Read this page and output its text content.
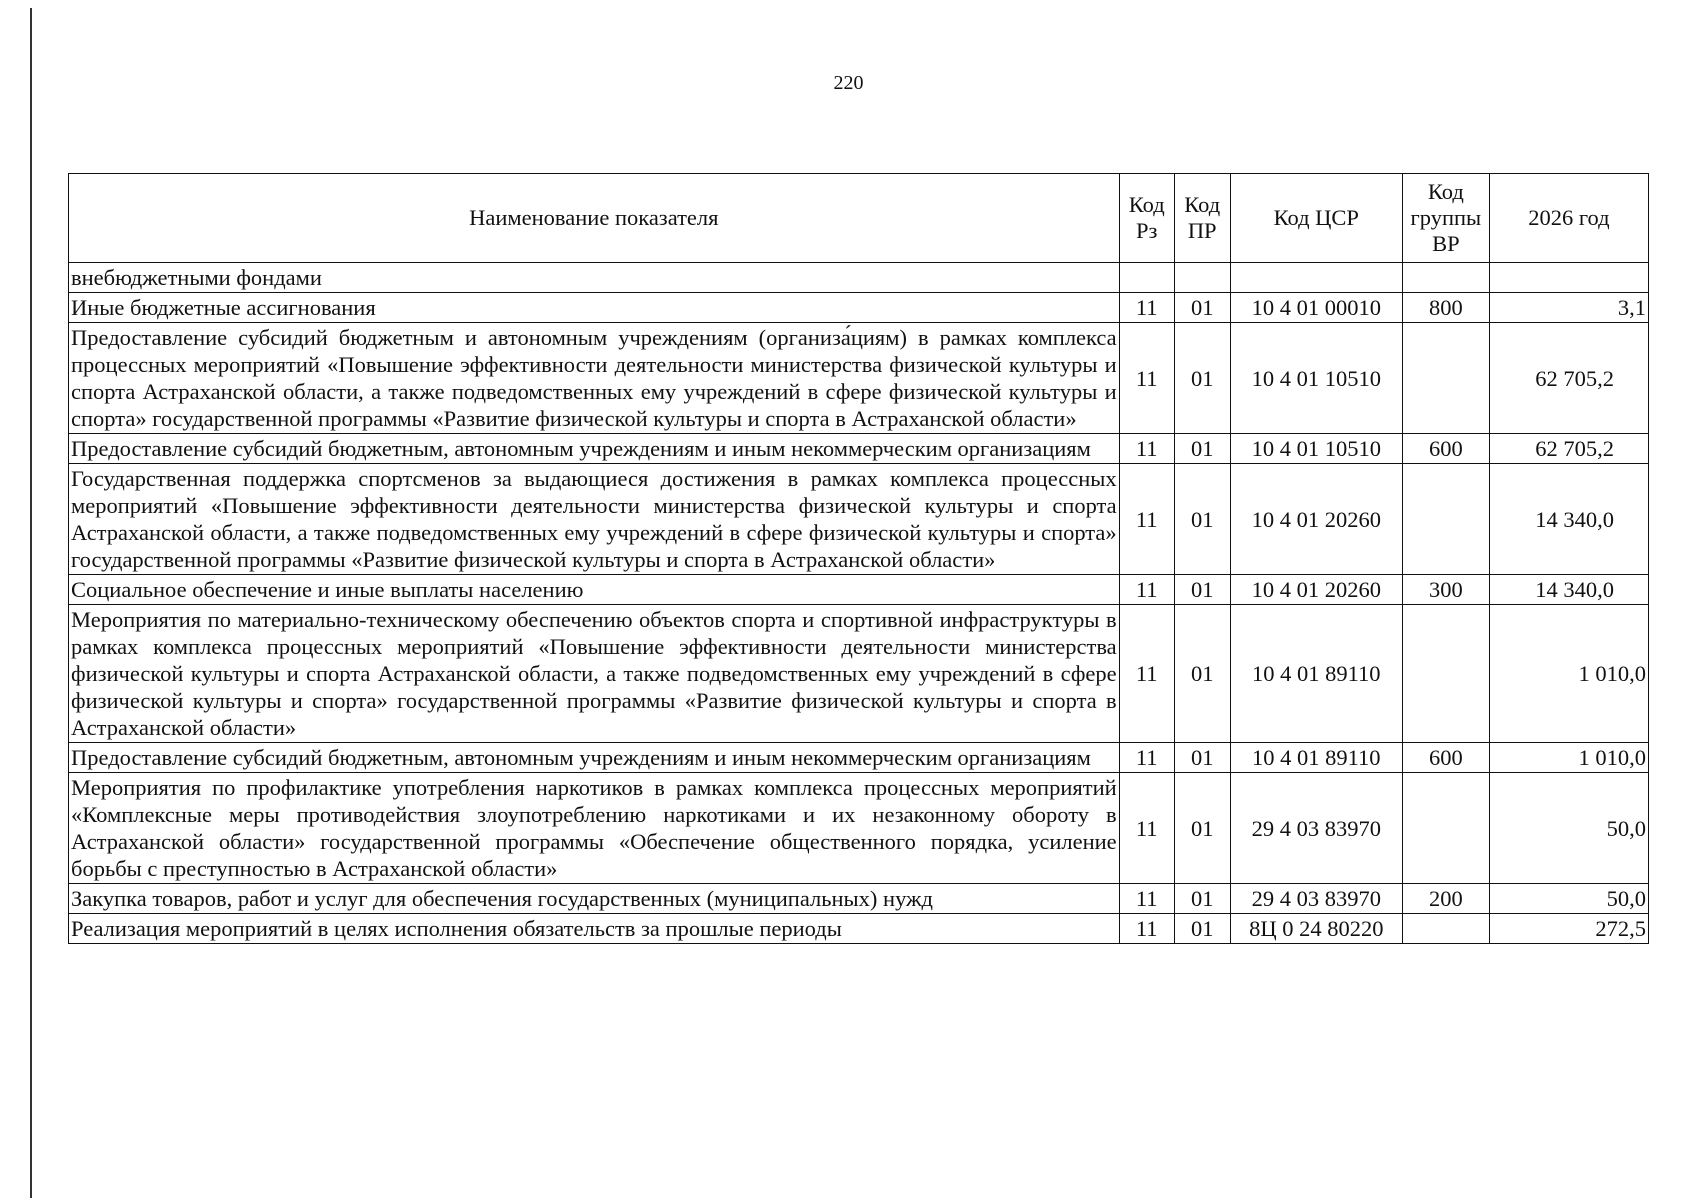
220
Наименование показателя	Код Рз	Код ПР	Код ЦСР	Код группы ВР	2026 год
внебюджетными фондами					
Иные бюджетные ассигнования	11	01	10 4 01 00010	800	3,1
Предоставление субсидий бюджетным и автономным учреждениям (организа́циям) в рамках комплекса процессных мероприятий «Повышение эффективности деятельности министерства физической культуры и спорта Астраханской области, а также подведомственных ему учреждений в сфере физической культуры и спорта» государственной программы «Развитие физической культуры и спорта в Астраханской области»	11	01	10 4 01 10510		62 705,2
Предоставление субсидий бюджетным, автономным учреждениям и иным некоммерческим организациям	11	01	10 4 01 10510	600	62 705,2
Государственная поддержка спортсменов за выдающиеся достижения в рамках комплекса процессных мероприятий «Повышение эффективности деятельности министерства физической культуры и спорта Астраханской области, а также подведомственных ему учреждений в сфере физической культуры и спорта» государственной программы «Развитие физической культуры и спорта в Астраханской области»	11	01	10 4 01 20260		14 340,0
Социальное обеспечение и иные выплаты населению	11	01	10 4 01 20260	300	14 340,0
Мероприятия по материально-техническому обеспечению объектов спорта и спортивной инфраструктуры в рамках комплекса процессных мероприятий «Повышение эффективности деятельности министерства физической культуры и спорта Астраханской области, а также подведомственных ему учреждений в сфере физической культуры и спорта» государственной программы «Развитие физической культуры и спорта в Астраханской области»	11	01	10 4 01 89110		1 010,0
Предоставление субсидий бюджетным, автономным учреждениям и иным некоммерческим организациям	11	01	10 4 01 89110	600	1 010,0
Мероприятия по профилактике употребления наркотиков в рамках комплекса процессных мероприятий «Комплексные меры противодействия злоупотреблению наркотиками и их незаконному обороту в Астраханской области» государственной программы «Обеспечение общественного порядка, усиление борьбы с преступностью в Астраханской области»	11	01	29 4 03 83970		50,0
Закупка товаров, работ и услуг для обеспечения государственных (муниципальных) нужд	11	01	29 4 03 83970	200	50,0
Реализация мероприятий в целях исполнения обязательств за прошлые периоды	11	01	8Ц 0 24 80220		272,5
